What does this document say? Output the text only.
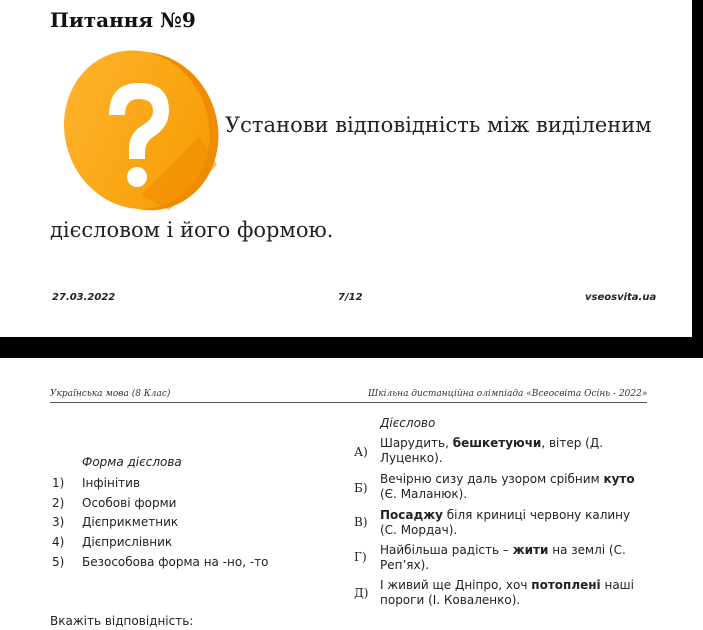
Питання №9
Установи відповідність між виділеним
дієсловом і його формою.
27.03.2022	7/12	vseosvita.ua
Українська мова (8 Клас)	Шкільна дистанційна олімпіада «Всеосвіта Осінь - 2022»
Дієслово
Форма дієслова
1) Інфінітив
2) Особові форми
3) Дієприкметник
4) Дієприслівник
5) Безособова форма на -но, -то
А)
Шарудить, бешкетуючи, вітер (Д. Луценко).
Б)
Вечірню сизу даль узором срібним куто (Є. Маланюк).
В) Посаджу біля криниці червону калину (С. Мордач).
Г) Найбільша радість – жити на землі (С. Реп’ях).
Д)
І живий ще Дніпро, хоч потоплені наші пороги (І. Коваленко).
Вкажіть відповідність:
